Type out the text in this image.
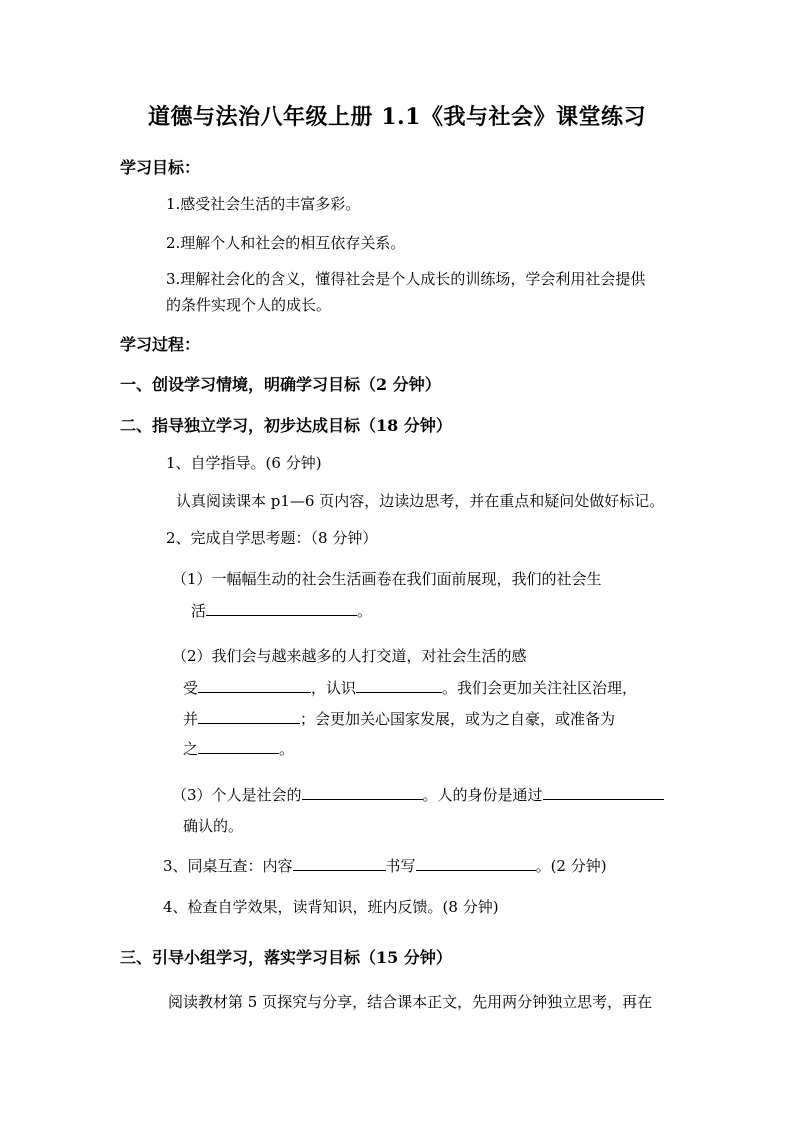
道德与法治八年级上册 1.1《我与社会》课堂练习
学习目标：
1.感受社会生活的丰富多彩。
2.理解个人和社会的相互依存关系。
3.理解社会化的含义，懂得社会是个人成长的训练场，学会利用社会提供
的条件实现个人的成长。
学习过程：
一、创设学习情境，明确学习目标（2 分钟）
二、指导独立学习，初步达成目标（18 分钟）
1、自学指导。(6 分钟)
认真阅读课本 p1—6 页内容，边读边思考，并在重点和疑问处做好标记。
2、完成自学思考题：（8 分钟）
（1）一幅幅生动的社会生活画卷在我们面前展现，我们的社会生
活	。
（2）我们会与越来越多的人打交道，对社会生活的感
受	，认识	。我们会更加关注社区治理，
并	；会更加关心国家发展，或为之自豪，或准备为
之	。
（3）个人是社会的	。人的身份是通过
确认的。
3、同桌互查：内容	书写	。(2 分钟)
4、检查自学效果，读背知识，班内反馈。(8 分钟)
三、引导小组学习，落实学习目标（15 分钟）
阅读教材第 5 页探究与分享，结合课本正文，先用两分钟独立思考，再在
